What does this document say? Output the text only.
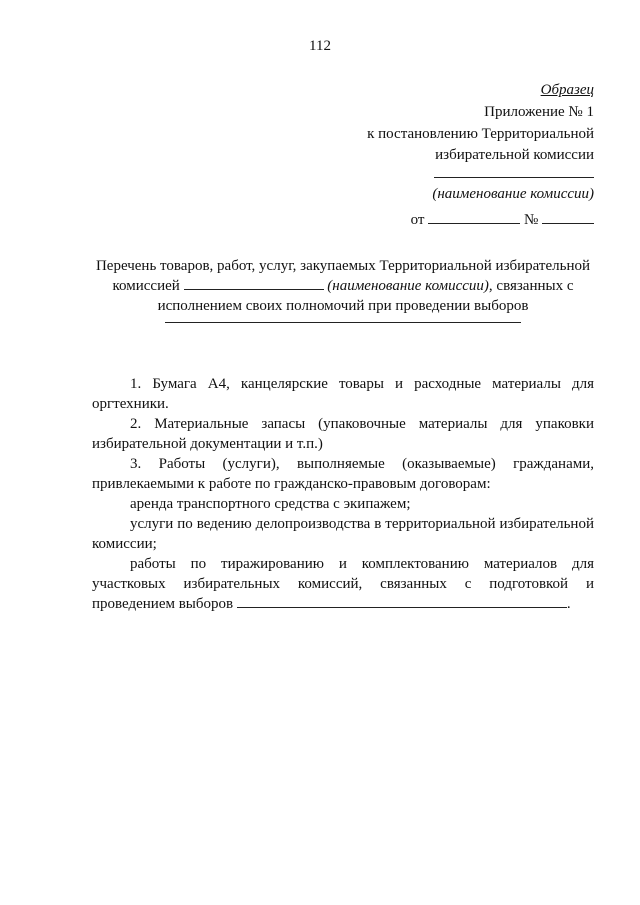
112
Образец
Приложение № 1
к постановлению Территориальной
избирательной комиссии
(наименование комиссии)
от	№
Перечень товаров, работ, услуг, закупаемых Территориальной избирательной
комиссией	(наименование комиссии), связанных с
исполнением своих полномочий при проведении выборов

1. Бумага А4, канцелярские товары и расходные материалы для оргтехники.

2. Материальные запасы (упаковочные материалы для упаковки избирательной документации и т.п.)

3. Работы (услуги), выполняемые (оказываемые) гражданами, привлекаемыми к работе по гражданско-правовым договорам:

аренда транспортного средства с экипажем;

услуги по ведению делопроизводства в территориальной избирательной комиссии;

работы по тиражированию и комплектованию материалов для участковых избирательных комиссий, связанных с подготовкой и проведением выборов	.
